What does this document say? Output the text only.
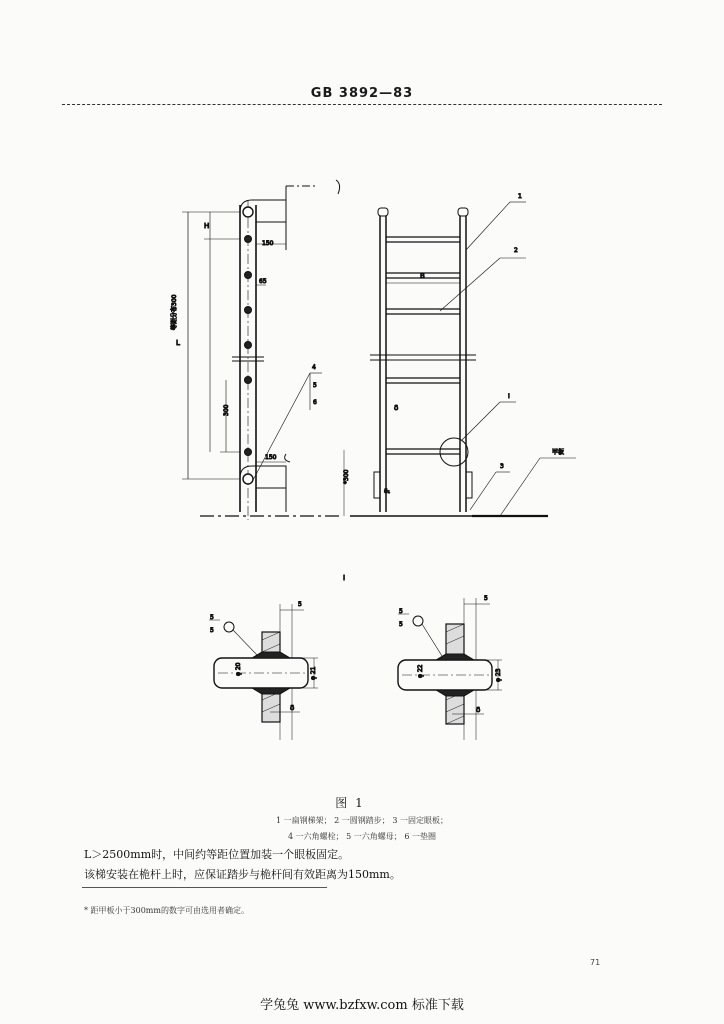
GB 3892—83
H
L
等距分布300
300
150
65
150
4
5
6
B
δ
δ₁
*300
1
2
I
3
甲板
I
5
5
5
φ 20	φ 21
δ
5
5
5
φ 22	φ 23
δ
图 1
1 一扁钢梯架； 2 一圆钢踏步； 3 一固定眼板；
4 一六角螺栓； 5 一六角螺母； 6 一垫圈
L＞2500mm时，中间约等距位置加装一个眼板固定。
该梯安装在桅杆上时，应保证踏步与桅杆间有效距离为150mm。
* 距甲板小于300mm的数字可由选用者确定。
71
学兔兔 www.bzfxw.com 标准下载
